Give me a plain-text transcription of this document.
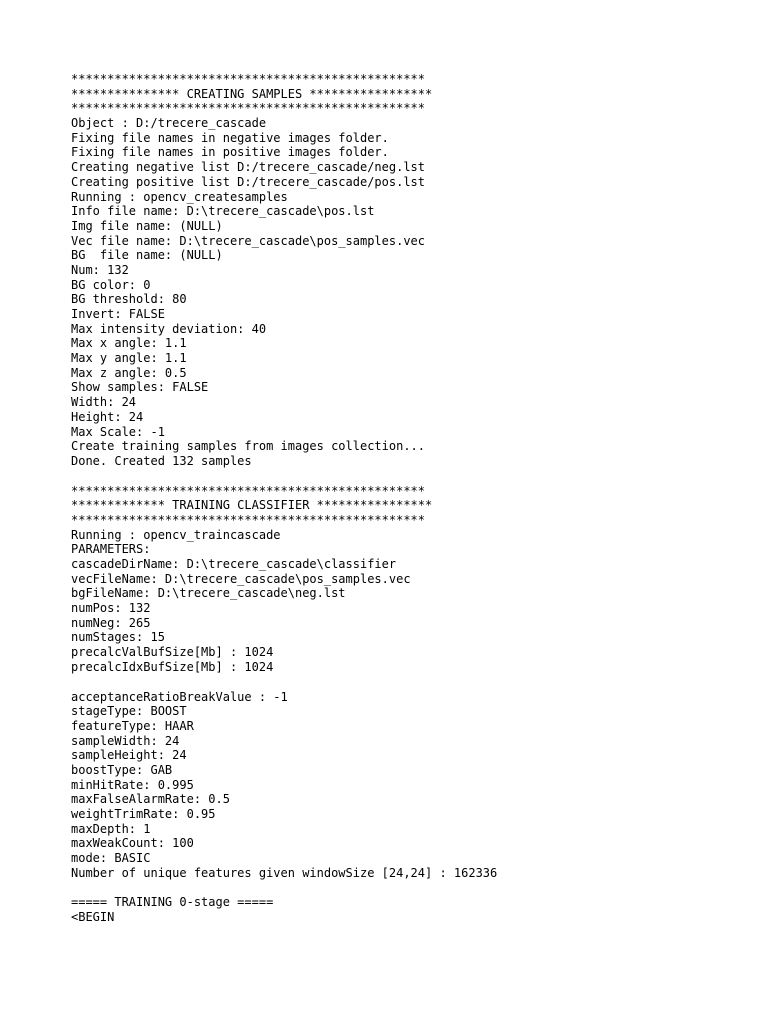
*************************************************
*************** CREATING SAMPLES *****************
*************************************************
Object : D:/trecere_cascade
Fixing file names in negative images folder.
Fixing file names in positive images folder.
Creating negative list D:/trecere_cascade/neg.lst
Creating positive list D:/trecere_cascade/pos.lst
Running : opencv_createsamples
Info file name: D:\trecere_cascade\pos.lst
Img file name: (NULL)
Vec file name: D:\trecere_cascade\pos_samples.vec
BG  file name: (NULL)
Num: 132
BG color: 0
BG threshold: 80
Invert: FALSE
Max intensity deviation: 40
Max x angle: 1.1
Max y angle: 1.1
Max z angle: 0.5
Show samples: FALSE
Width: 24
Height: 24
Max Scale: -1
Create training samples from images collection...
Done. Created 132 samples
*************************************************
************* TRAINING CLASSIFIER ****************
*************************************************
Running : opencv_traincascade
PARAMETERS:
cascadeDirName: D:\trecere_cascade\classifier
vecFileName: D:\trecere_cascade\pos_samples.vec
bgFileName: D:\trecere_cascade\neg.lst
numPos: 132
numNeg: 265
numStages: 15
precalcValBufSize[Mb] : 1024
precalcIdxBufSize[Mb] : 1024
acceptanceRatioBreakValue : -1
stageType: BOOST
featureType: HAAR
sampleWidth: 24
sampleHeight: 24
boostType: GAB
minHitRate: 0.995
maxFalseAlarmRate: 0.5
weightTrimRate: 0.95
maxDepth: 1
maxWeakCount: 100
mode: BASIC
Number of unique features given windowSize [24,24] : 162336
===== TRAINING 0-stage =====
<BEGIN
